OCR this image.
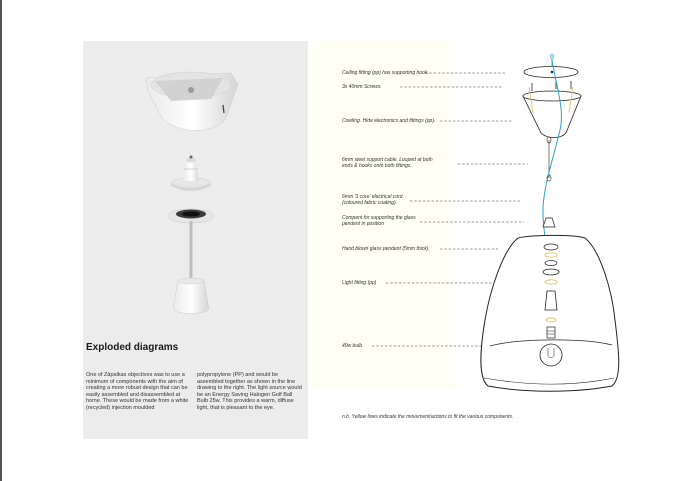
Exploded diagrams

One of Zāpalkas objectives was to use a minimum of components with the aim of creating a more robust design that can be easily assembled and disassembled at home. These would be made from a white (recycled) injection moulded

polypropylene (PP) and would be assembled together as shown in the line drawing to the right. The light source would be an Energy Saving Halogen Golf Ball Bulb 25w. This provides a warm, diffuse light, that is pleasant to the eye.

Ceiling fitting (pp) has supporting hook.

3x 40mm Screws.

Cowling. Hide electronics and fittings (pp).

6mm steel support cable. Looped at both
ends & hooks onto both fittings.

6mm '3 core' electrical cord
(coloured fabric coating).

Compent for supporting the glass
pendent in position

Hand blown glass pendent (5mm thick).

Light fitting (pp)

40w bulb.

n.b. Yellow lines indicate the movement/actions to fit the various components.
